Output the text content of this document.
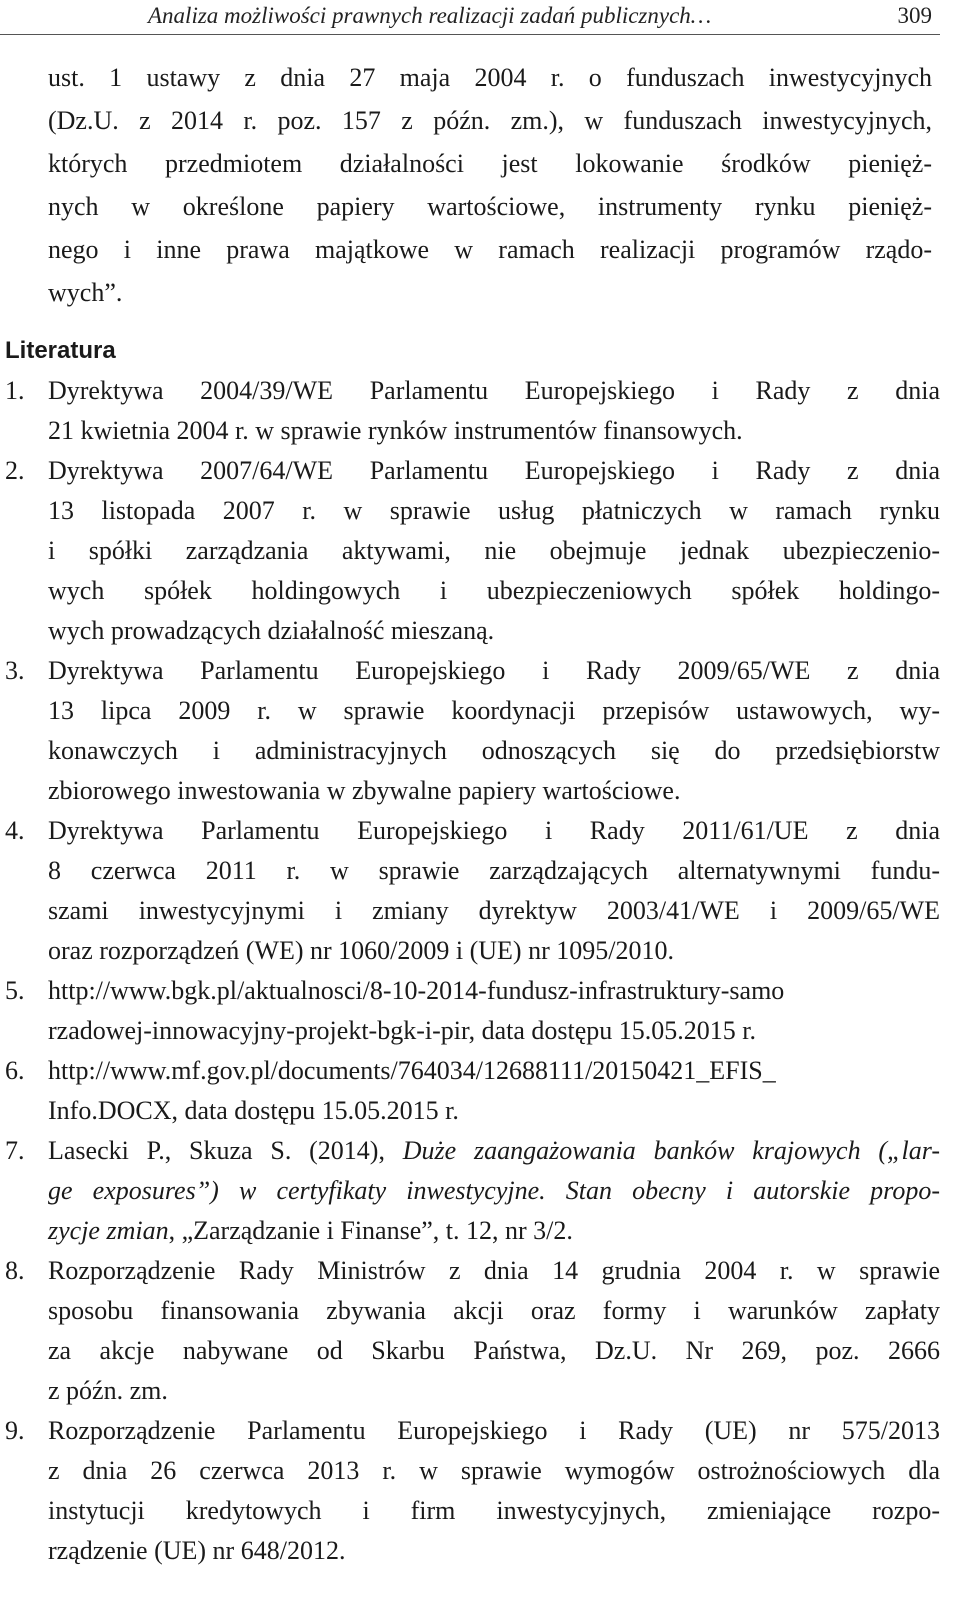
Analiza możliwości prawnych realizacji zadań publicznych…	309
ust. 1 ustawy z dnia 27 maja 2004 r. o funduszach inwestycyjnych
(Dz.U. z 2014 r. poz. 157 z późn. zm.), w funduszach inwestycyjnych,
których przedmiotem działalności jest lokowanie środków pienięż-
nych w określone papiery wartościowe, instrumenty rynku pienięż-
nego i inne prawa majątkowe w ramach realizacji programów rządo-
wych”.
Literatura
1. Dyrektywa 2004/39/WE Parlamentu Europejskiego i Rady z dnia
21 kwietnia 2004 r. w sprawie rynków instrumentów finansowych.
2. Dyrektywa 2007/64/WE Parlamentu Europejskiego i Rady z dnia
13 listopada 2007 r. w sprawie usług płatniczych w ramach rynku
i spółki zarządzania aktywami, nie obejmuje jednak ubezpieczenio-
wych spółek holdingowych i ubezpieczeniowych spółek holdingo-
wych prowadzących działalność mieszaną.
3. Dyrektywa Parlamentu Europejskiego i Rady 2009/65/WE z dnia
13 lipca 2009 r. w sprawie koordynacji przepisów ustawowych, wy-
konawczych i administracyjnych odnoszących się do przedsiębiorstw
zbiorowego inwestowania w zbywalne papiery wartościowe.
4. Dyrektywa Parlamentu Europejskiego i Rady 2011/61/UE z dnia
8 czerwca 2011 r. w sprawie zarządzających alternatywnymi fundu-
szami inwestycyjnymi i zmiany dyrektyw 2003/41/WE i 2009/65/WE
oraz rozporządzeń (WE) nr 1060/2009 i (UE) nr 1095/2010.
5. http://www.bgk.pl/aktualnosci/8-10-2014-fundusz-infrastruktury-samo
rzadowej-innowacyjny-projekt-bgk-i-pir, data dostępu 15.05.2015 r.
6. http://www.mf.gov.pl/documents/764034/12688111/20150421_EFIS_
Info.DOCX, data dostępu 15.05.2015 r.
7. Lasecki P., Skuza S. (2014), Duże zaangażowania banków krajowych („lar-
ge exposures”) w certyfikaty inwestycyjne. Stan obecny i autorskie propo-
zycje zmian, „Zarządzanie i Finanse”, t. 12, nr 3/2.
8. Rozporządzenie Rady Ministrów z dnia 14 grudnia 2004 r. w sprawie
sposobu finansowania zbywania akcji oraz formy i warunków zapłaty
za akcje nabywane od Skarbu Państwa, Dz.U. Nr 269, poz. 2666
z późn. zm.
9. Rozporządzenie Parlamentu Europejskiego i Rady (UE) nr 575/2013
z dnia 26 czerwca 2013 r. w sprawie wymogów ostrożnościowych dla
instytucji kredytowych i firm inwestycyjnych, zmieniające rozpo-
rządzenie (UE) nr 648/2012.
